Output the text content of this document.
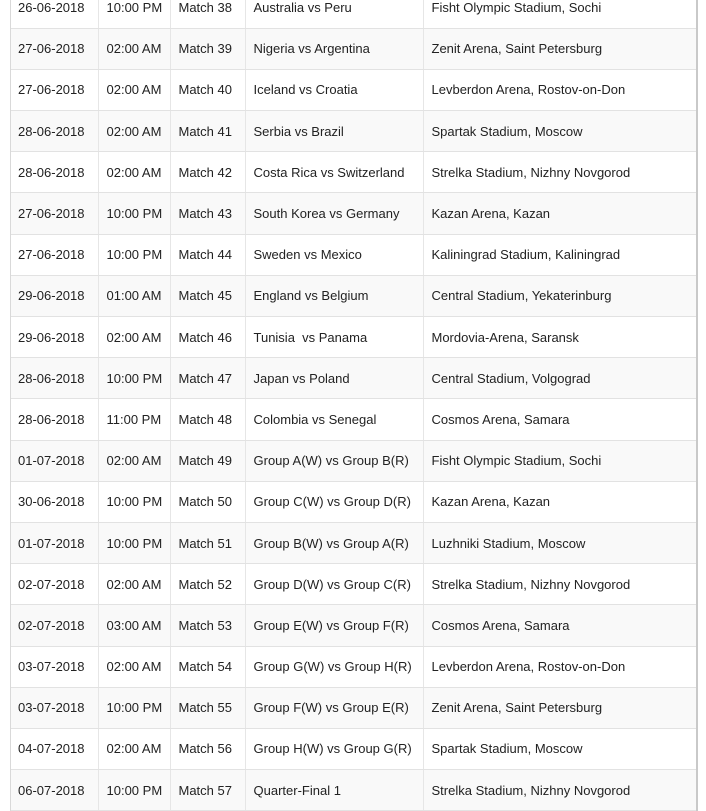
26-06-2018	10:00 PM	Match 38	Australia vs Peru	Fisht Olympic Stadium, Sochi
27-06-2018	02:00 AM	Match 39	Nigeria vs Argentina	Zenit Arena, Saint Petersburg
27-06-2018	02:00 AM	Match 40	Iceland vs Croatia	Levberdon Arena, Rostov-on-Don
28-06-2018	02:00 AM	Match 41	Serbia vs Brazil	Spartak Stadium, Moscow
28-06-2018	02:00 AM	Match 42	Costa Rica vs Switzerland	Strelka Stadium, Nizhny Novgorod
27-06-2018	10:00 PM	Match 43	South Korea vs Germany	Kazan Arena, Kazan
27-06-2018	10:00 PM	Match 44	Sweden vs Mexico	Kaliningrad Stadium, Kaliningrad
29-06-2018	01:00 AM	Match 45	England vs Belgium	Central Stadium, Yekaterinburg
29-06-2018	02:00 AM	Match 46	Tunisia  vs Panama	Mordovia-Arena, Saransk
28-06-2018	10:00 PM	Match 47	Japan vs Poland	Central Stadium, Volgograd
28-06-2018	11:00 PM	Match 48	Colombia vs Senegal	Cosmos Arena, Samara
01-07-2018	02:00 AM	Match 49	Group A(W) vs Group B(R)	Fisht Olympic Stadium, Sochi
30-06-2018	10:00 PM	Match 50	Group C(W) vs Group D(R)	Kazan Arena, Kazan
01-07-2018	10:00 PM	Match 51	Group B(W) vs Group A(R)	Luzhniki Stadium, Moscow
02-07-2018	02:00 AM	Match 52	Group D(W) vs Group C(R)	Strelka Stadium, Nizhny Novgorod
02-07-2018	03:00 AM	Match 53	Group E(W) vs Group F(R)	Cosmos Arena, Samara
03-07-2018	02:00 AM	Match 54	Group G(W) vs Group H(R)	Levberdon Arena, Rostov-on-Don
03-07-2018	10:00 PM	Match 55	Group F(W) vs Group E(R)	Zenit Arena, Saint Petersburg
04-07-2018	02:00 AM	Match 56	Group H(W) vs Group G(R)	Spartak Stadium, Moscow
06-07-2018	10:00 PM	Match 57	Quarter-Final 1	Strelka Stadium, Nizhny Novgorod
